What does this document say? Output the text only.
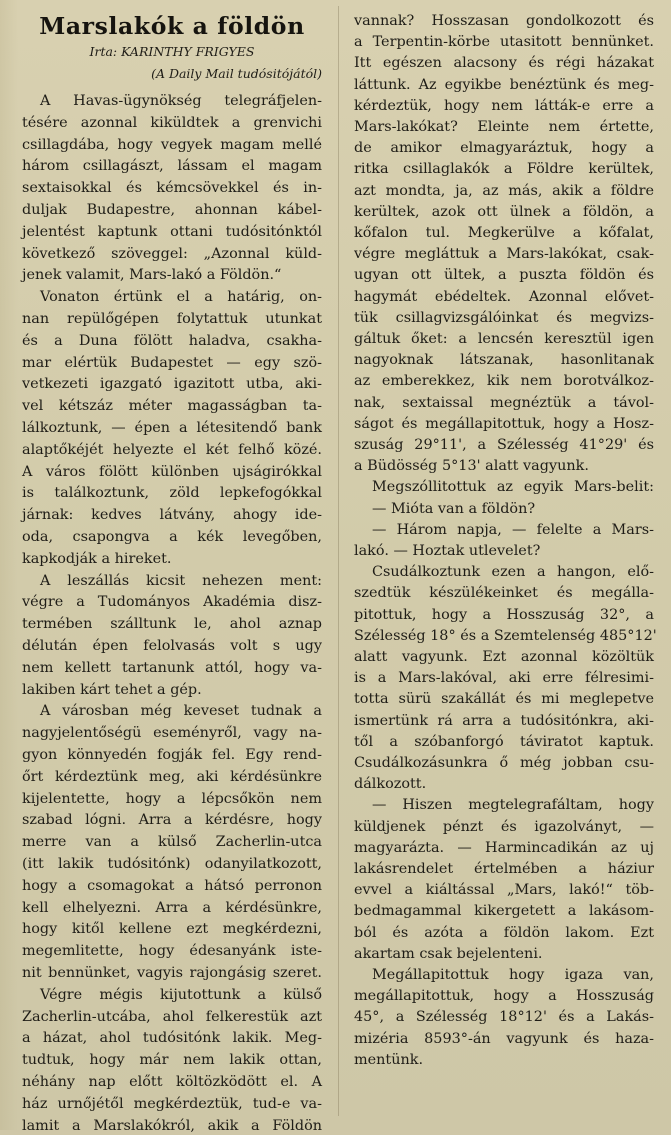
Marslakók a földön
Irta: KARINTHY FRIGYES
(A Daily Mail tudósitójától)
A Havas-ügynökség telegráfjelen-
tésére azonnal kiküldtek a grenvichi
csillagdába, hogy vegyek magam mellé
három csillagászt, lássam el magam
sextaisokkal és kémcsövekkel és in-
duljak Budapestre, ahonnan kábel-
jelentést kaptunk ottani tudósitónktól
következő szöveggel: „Azonnal küld-
jenek valamit, Mars-lakó a Földön.“
Vonaton értünk el a határig, on-
nan repülőgépen folytattuk utunkat
és a Duna fölött haladva, csakha-
mar elértük Budapestet — egy szö-
vetkezeti igazgató igazitott utba, aki-
vel kétszáz méter magasságban ta-
lálkoztunk, — épen a létesitendő bank
alaptőkéjét helyezte el két felhő közé.
A város fölött különben ujságirókkal
is találkoztunk, zöld lepkefogókkal
járnak: kedves látvány, ahogy ide-
oda, csapongva a kék levegőben,
kapkodják a hireket.
A leszállás kicsit nehezen ment:
végre a Tudományos Akadémia disz-
termében szálltunk le, ahol aznap
délután épen felolvasás volt s ugy
nem kellett tartanunk attól, hogy va-
lakiben kárt tehet a gép.
A városban még keveset tudnak a
nagyjelentőségü eseményről, vagy na-
gyon könnyedén fogják fel. Egy rend-
őrt kérdeztünk meg, aki kérdésünkre
kijelentette, hogy a lépcsőkön nem
szabad lógni. Arra a kérdésre, hogy
merre van a külső Zacherlin-utca
(itt lakik tudósitónk) odanyilatkozott,
hogy a csomagokat a hátsó perronon
kell elhelyezni. Arra a kérdésünkre,
hogy kitől kellene ezt megkérdezni,
megemlitette, hogy édesanyánk iste-
nit bennünket, vagyis rajongásig szeret.
Végre mégis kijutottunk a külső
Zacherlin-utcába, ahol felkerestük azt
a házat, ahol tudósitónk lakik. Meg-
tudtuk, hogy már nem lakik ottan,
néhány nap előtt költözködött el. A
ház urnőjétől megkérdeztük, tud-e va-
lamit a Marslakókról, akik a Földön
vannak? Hosszasan gondolkozott és
a Terpentin-körbe utasitott bennünket.
Itt egészen alacsony és régi házakat
láttunk. Az egyikbe benéztünk és meg-
kérdeztük, hogy nem látták-e erre a
Mars-lakókat? Eleinte nem értette,
de amikor elmagyaráztuk, hogy a
ritka csillaglakók a Földre kerültek,
azt mondta, ja, az más, akik a földre
kerültek, azok ott ülnek a földön, a
kőfalon tul. Megkerülve a kőfalat,
végre megláttuk a Mars-lakókat, csak-
ugyan ott ültek, a puszta földön és
hagymát ebédeltek. Azonnal elővet-
tük csillagvizsgálóinkat és megvizs-
gáltuk őket: a lencsén keresztül igen
nagyoknak látszanak, hasonlitanak
az emberekkez, kik nem borotválkoz-
nak, sextaissal megnéztük a távol-
ságot és megállapitottuk, hogy a Hosz-
szuság 29°11', a Szélesség 41°29' és
a Büdösség 5°13' alatt vagyunk.
Megszóllitottuk az egyik Mars-belit:
— Mióta van a földön?
— Három napja, — felelte a Mars-
lakó. — Hoztak utlevelet?
Csudálkoztunk ezen a hangon, elő-
szedtük készülékeinket és megálla-
pitottuk, hogy a Hosszuság 32°, a
Szélesség 18° és a Szemtelenség 485°12'
alatt vagyunk. Ezt azonnal közöltük
is a Mars-lakóval, aki erre félresimi-
totta sürü szakállát és mi meglepetve
ismertünk rá arra a tudósitónkra, aki-
től a szóbanforgó táviratot kaptuk.
Csudálkozásunkra ő még jobban csu-
dálkozott.
— Hiszen megtelegrafáltam, hogy
küldjenek pénzt és igazolványt, —
magyarázta. — Harmincadikán az uj
lakásrendelet értelmében a háziur
evvel a kiáltással „Mars, lakó!“ töb-
bedmagammal kikergetett a lakásom-
ból és azóta a földön lakom. Ezt
akartam csak bejelenteni.
Megállapitottuk hogy igaza van,
megállapitottuk, hogy a Hosszuság
45°, a Szélesség 18°12' és a Lakás-
mizéria 8593°-án vagyunk és haza-
mentünk.
